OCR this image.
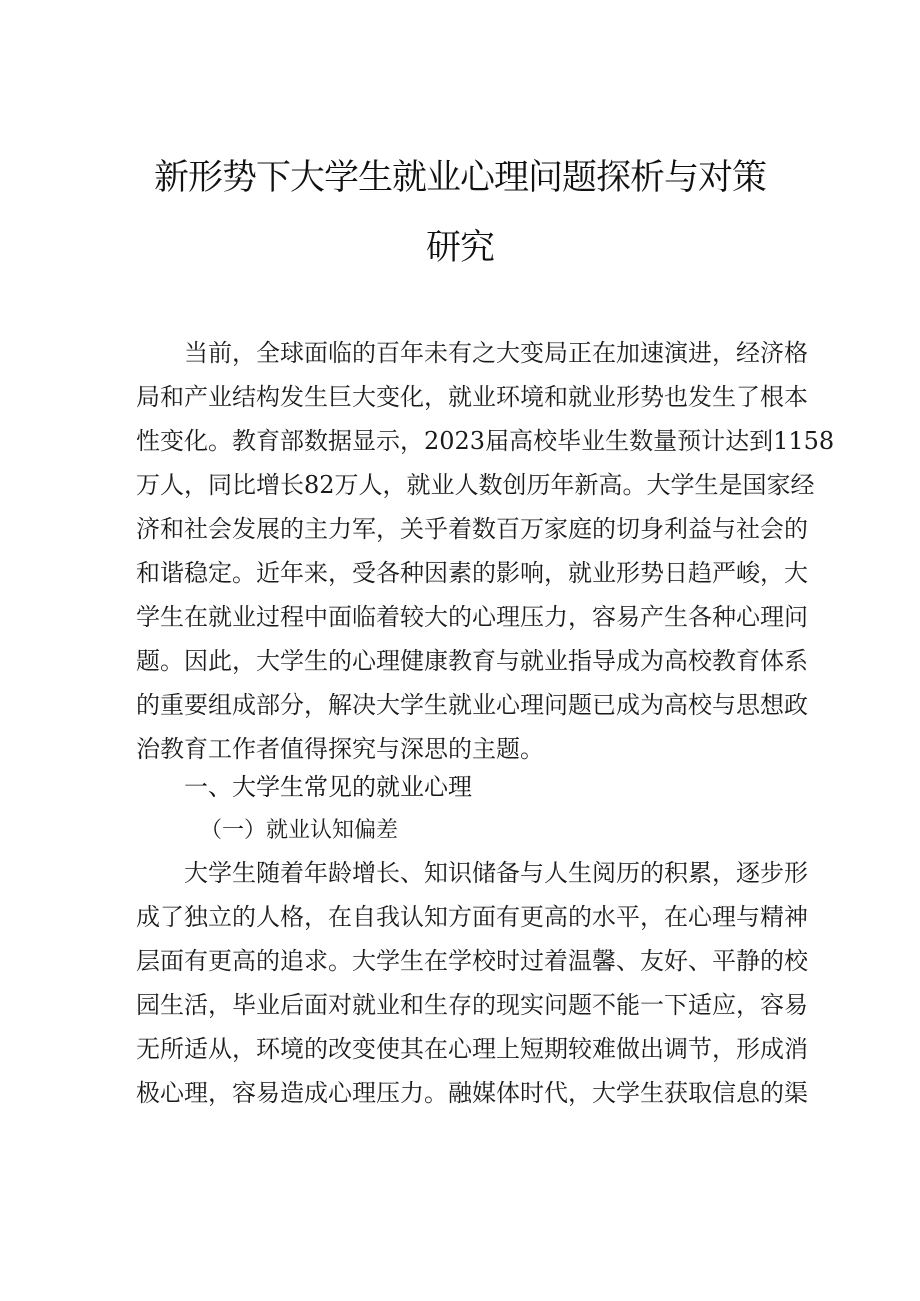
新形势下大学生就业心理问题探析与对策
研究
当前，全球面临的百年未有之大变局正在加速演进，经济格
局和产业结构发生巨大变化，就业环境和就业形势也发生了根本
性变化。教育部数据显示，2023届高校毕业生数量预计达到1158
万人，同比增长82万人，就业人数创历年新高。大学生是国家经
济和社会发展的主力军，关乎着数百万家庭的切身利益与社会的
和谐稳定。近年来，受各种因素的影响，就业形势日趋严峻，大
学生在就业过程中面临着较大的心理压力，容易产生各种心理问
题。因此，大学生的心理健康教育与就业指导成为高校教育体系
的重要组成部分，解决大学生就业心理问题已成为高校与思想政
治教育工作者值得探究与深思的主题。
一、大学生常见的就业心理
（一）就业认知偏差
大学生随着年龄增长、知识储备与人生阅历的积累，逐步形
成了独立的人格，在自我认知方面有更高的水平，在心理与精神
层面有更高的追求。大学生在学校时过着温馨、友好、平静的校
园生活，毕业后面对就业和生存的现实问题不能一下适应，容易
无所适从，环境的改变使其在心理上短期较难做出调节，形成消
极心理，容易造成心理压力。融媒体时代，大学生获取信息的渠
